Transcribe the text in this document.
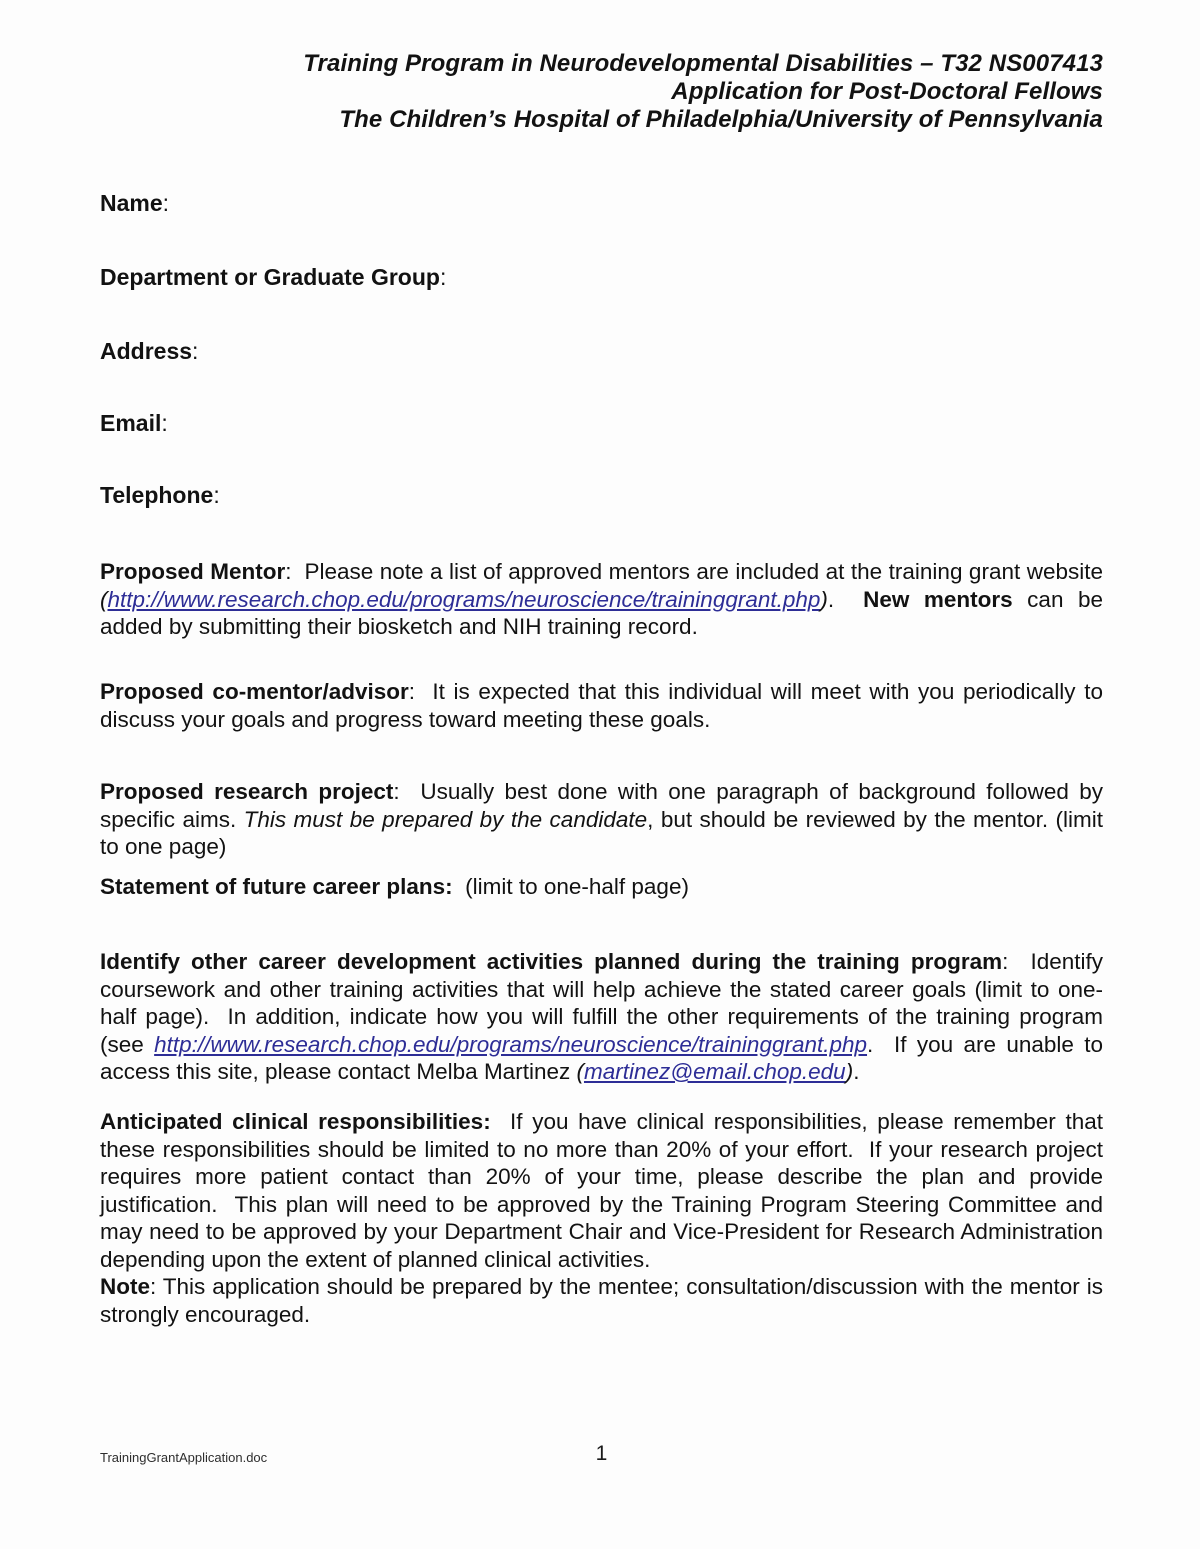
Training Program in Neurodevelopmental Disabilities – T32 NS007413
Application for Post-Doctoral Fellows
The Children’s Hospital of Philadelphia/University of Pennsylvania
Name:
Department or Graduate Group:
Address:
Email:
Telephone:

Proposed Mentor:  Please note a list of approved mentors are included at the training grant website (http://www.research.chop.edu/programs/neuroscience/traininggrant.php).  New mentors can be added by submitting their biosketch and NIH training record.

Proposed co-mentor/advisor:  It is expected that this individual will meet with you periodically to discuss your goals and progress toward meeting these goals.

Proposed research project:  Usually best done with one paragraph of background followed by specific aims. This must be prepared by the candidate, but should be reviewed by the mentor. (limit to one page)

Statement of future career plans:  (limit to one-half page)

Identify other career development activities planned during the training program:  Identify coursework and other training activities that will help achieve the stated career goals (limit to one-half page).  In addition, indicate how you will fulfill the other requirements of the training program (see http://www.research.chop.edu/programs/neuroscience/traininggrant.php.  If you are unable to access this site, please contact Melba Martinez (martinez@email.chop.edu).

Anticipated clinical responsibilities:  If you have clinical responsibilities, please remember that these responsibilities should be limited to no more than 20% of your effort.  If your research project requires more patient contact than 20% of your time, please describe the plan and provide justification.  This plan will need to be approved by the Training Program Steering Committee and may need to be approved by your Department Chair and Vice-President for Research Administration depending upon the extent of planned clinical activities.

Note: This application should be prepared by the mentee; consultation/discussion with the mentor is strongly encouraged.

TrainingGrantApplication.doc	1
